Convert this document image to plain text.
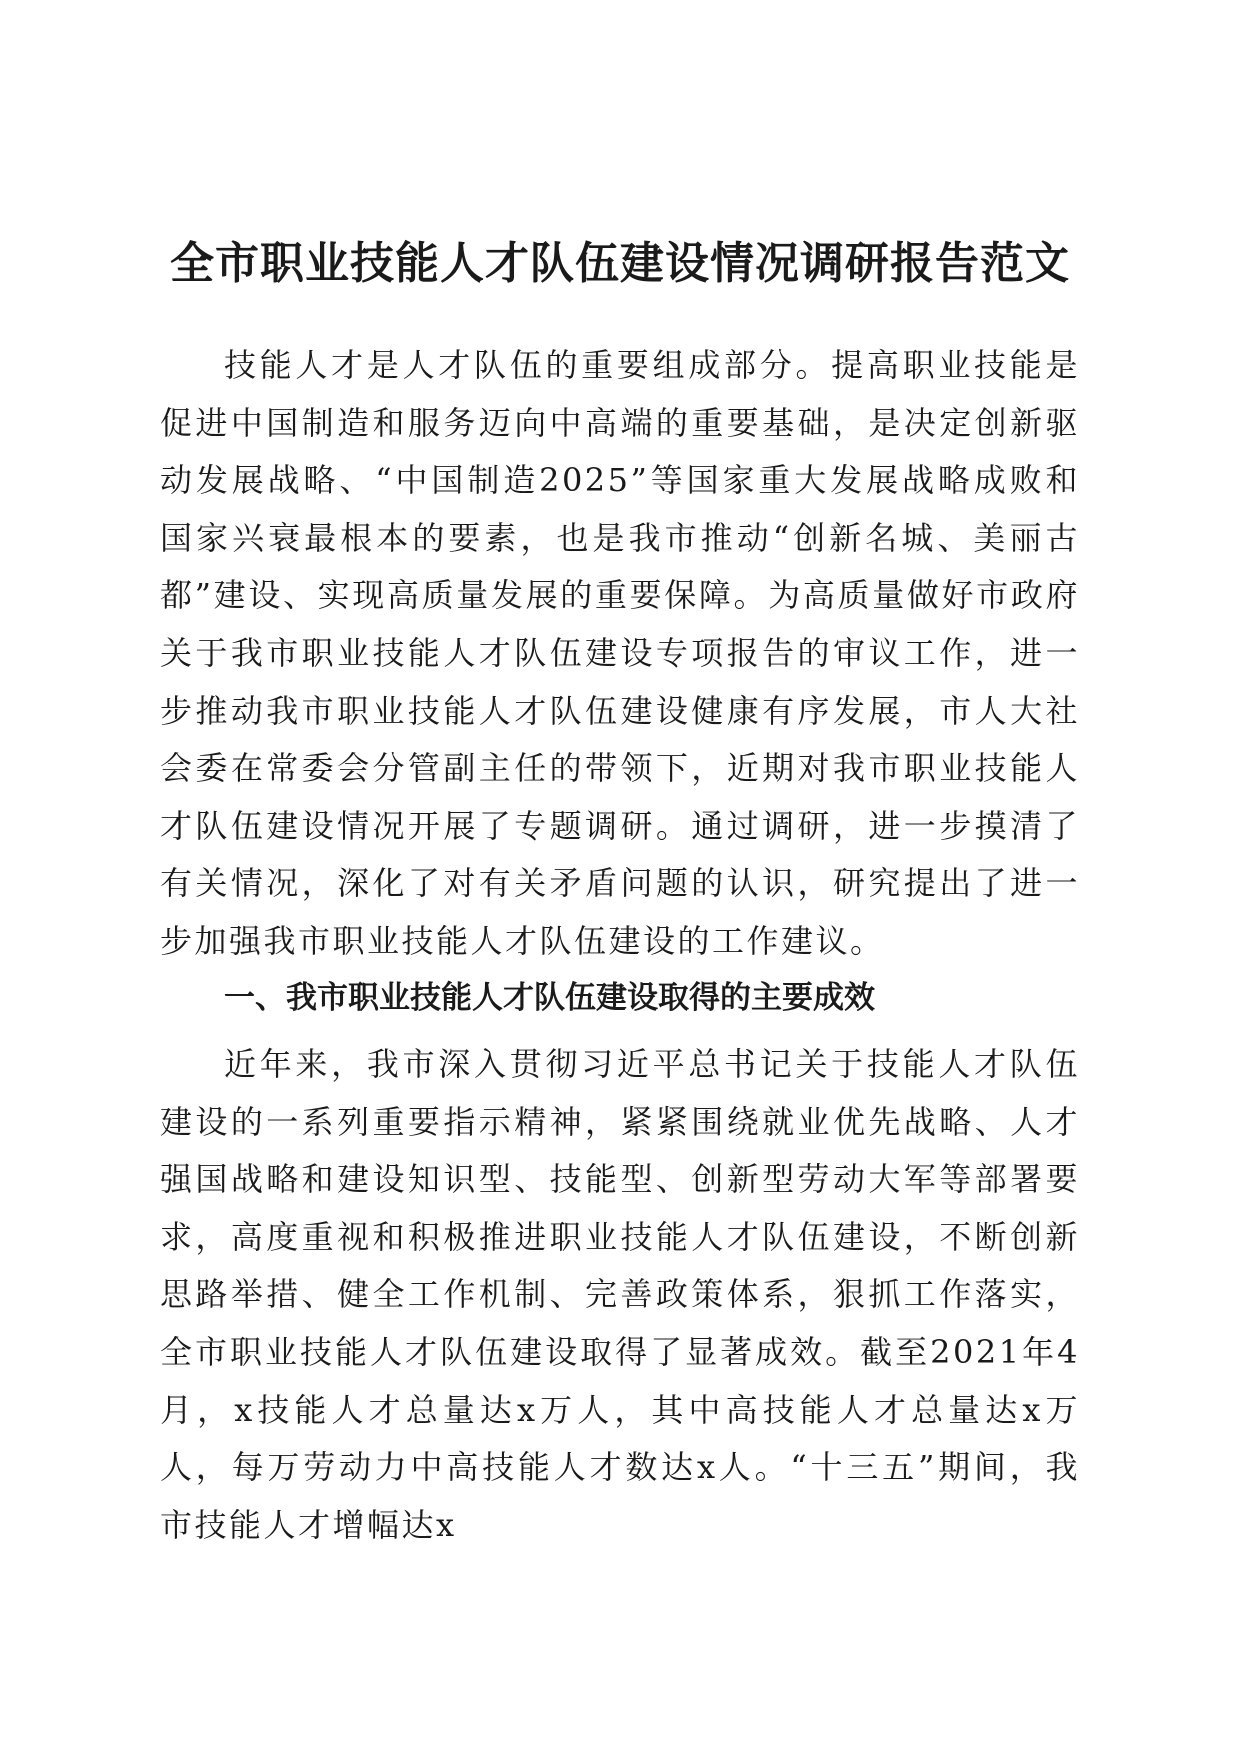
全市职业技能人才队伍建设情况调研报告范文

技能人才是人才队伍的重要组成部分。提高职业技能是促进中国制造和服务迈向中高端的重要基础，是决定创新驱动发展战略、“中国制造2025”等国家重大发展战略成败和国家兴衰最根本的要素，也是我市推动“创新名城、美丽古都”建设、实现高质量发展的重要保障。为高质量做好市政府关于我市职业技能人才队伍建设专项报告的审议工作，进一步推动我市职业技能人才队伍建设健康有序发展，市人大社会委在常委会分管副主任的带领下，近期对我市职业技能人才队伍建设情况开展了专题调研。通过调研，进一步摸清了有关情况，深化了对有关矛盾问题的认识，研究提出了进一步加强我市职业技能人才队伍建设的工作建议。

一、我市职业技能人才队伍建设取得的主要成效

近年来，我市深入贯彻习近平总书记关于技能人才队伍建设的一系列重要指示精神，紧紧围绕就业优先战略、人才强国战略和建设知识型、技能型、创新型劳动大军等部署要求，高度重视和积极推进职业技能人才队伍建设，不断创新思路举措、健全工作机制、完善政策体系，狠抓工作落实，全市职业技能人才队伍建设取得了显著成效。截至2021年4月，x技能人才总量达x万人，其中高技能人才总量达x万人，每万劳动力中高技能人才数达x人。“十三五”期间，我市技能人才增幅达x
